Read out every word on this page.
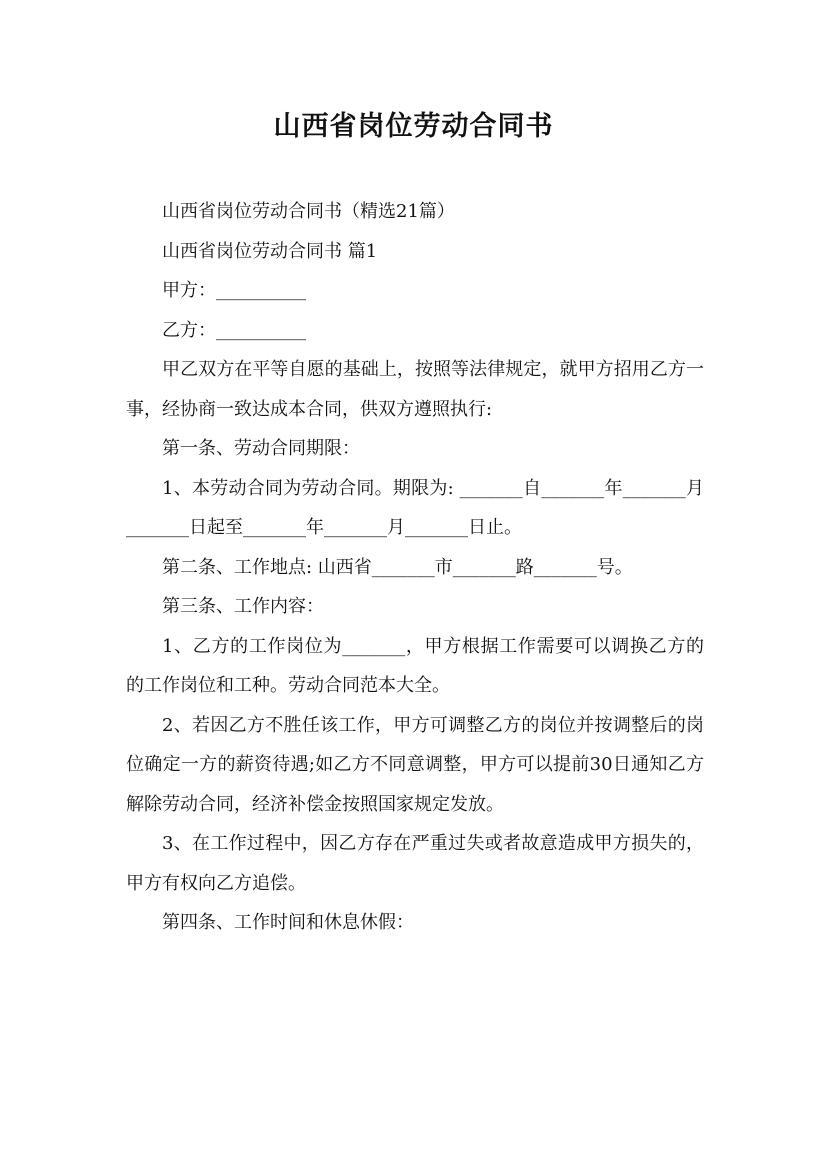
山西省岗位劳动合同书

山西省岗位劳动合同书（精选21篇）

山西省岗位劳动合同书 篇1

甲方：__________

乙方：__________

甲乙双方在平等自愿的基础上，按照等法律规定，就甲方招用乙方一事，经协商一致达成本合同，供双方遵照执行:

第一条、劳动合同期限：

1、本劳动合同为劳动合同。期限为: _______自_______年_______月_______日起至_______年_______月_______日止。

第二条、工作地点: 山西省_______市_______路_______号。

第三条、工作内容：

1、乙方的工作岗位为_______，甲方根据工作需要可以调换乙方的的工作岗位和工种。劳动合同范本大全。

2、若因乙方不胜任该工作，甲方可调整乙方的岗位并按调整后的岗位确定一方的薪资待遇;如乙方不同意调整，甲方可以提前30日通知乙方解除劳动合同，经济补偿金按照国家规定发放。

3、在工作过程中，因乙方存在严重过失或者故意造成甲方损失的，甲方有权向乙方追偿。

第四条、工作时间和休息休假：
